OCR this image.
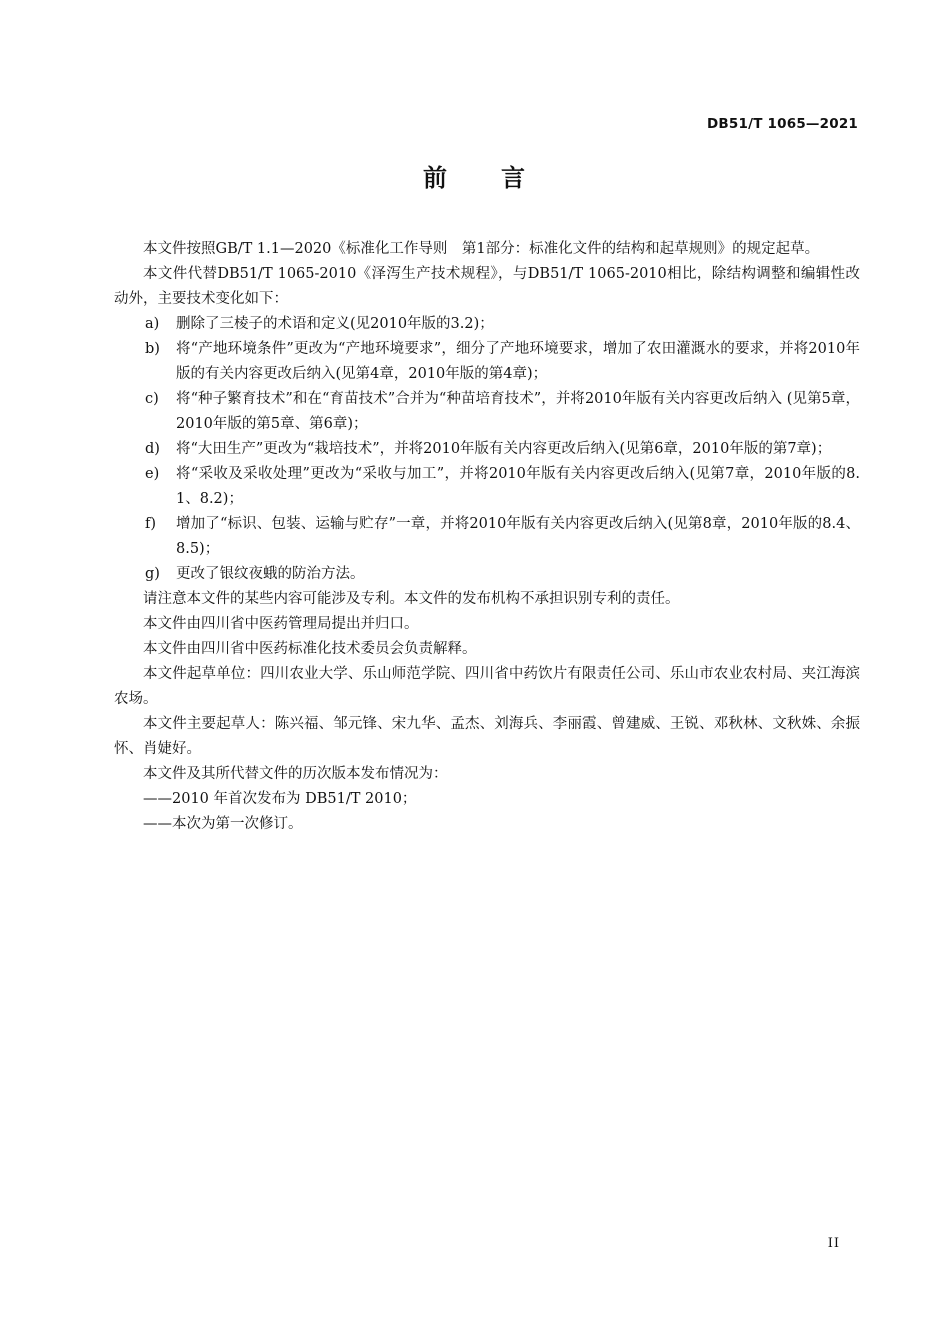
DB51/T 1065—2021
前 言

本文件按照GB/T 1.1—2020《标准化工作导则　第1部分：标准化文件的结构和起草规则》的规定起草。

本文件代替DB51/T 1065-2010《泽泻生产技术规程》，与DB51/T 1065-2010相比，除结构调整和编辑性改动外，主要技术变化如下：

a) 删除了三棱子的术语和定义(见2010年版的3.2)；
b) 将“产地环境条件”更改为“产地环境要求”，细分了产地环境要求，增加了农田灌溉水的要求，并将2010年版的有关内容更改后纳入(见第4章，2010年版的第4章)；
c) 将“种子繁育技术”和在“育苗技术”合并为“种苗培育技术”，并将2010年版有关内容更改后纳入 (见第5章，2010年版的第5章、第6章)；
d) 将“大田生产”更改为“栽培技术”，并将2010年版有关内容更改后纳入(见第6章，2010年版的第7章)；
e) 将“采收及采收处理”更改为“采收与加工”，并将2010年版有关内容更改后纳入(见第7章，2010年版的8.1、8.2)；
f) 增加了“标识、包装、运输与贮存”一章，并将2010年版有关内容更改后纳入(见第8章，2010年版的8.4、8.5)；
g) 更改了银纹夜蛾的防治方法。

请注意本文件的某些内容可能涉及专利。本文件的发布机构不承担识别专利的责任。

本文件由四川省中医药管理局提出并归口。

本文件由四川省中医药标准化技术委员会负责解释。

本文件起草单位：四川农业大学、乐山师范学院、四川省中药饮片有限责任公司、乐山市农业农村局、夹江海滨农场。

本文件主要起草人：陈兴福、邹元锋、宋九华、孟杰、刘海兵、李丽霞、曾建威、王锐、邓秋林、文秋姝、余振怀、肖婕好。

本文件及其所代替文件的历次版本发布情况为：

——2010 年首次发布为 DB51/T 2010；

——本次为第一次修订。

II
